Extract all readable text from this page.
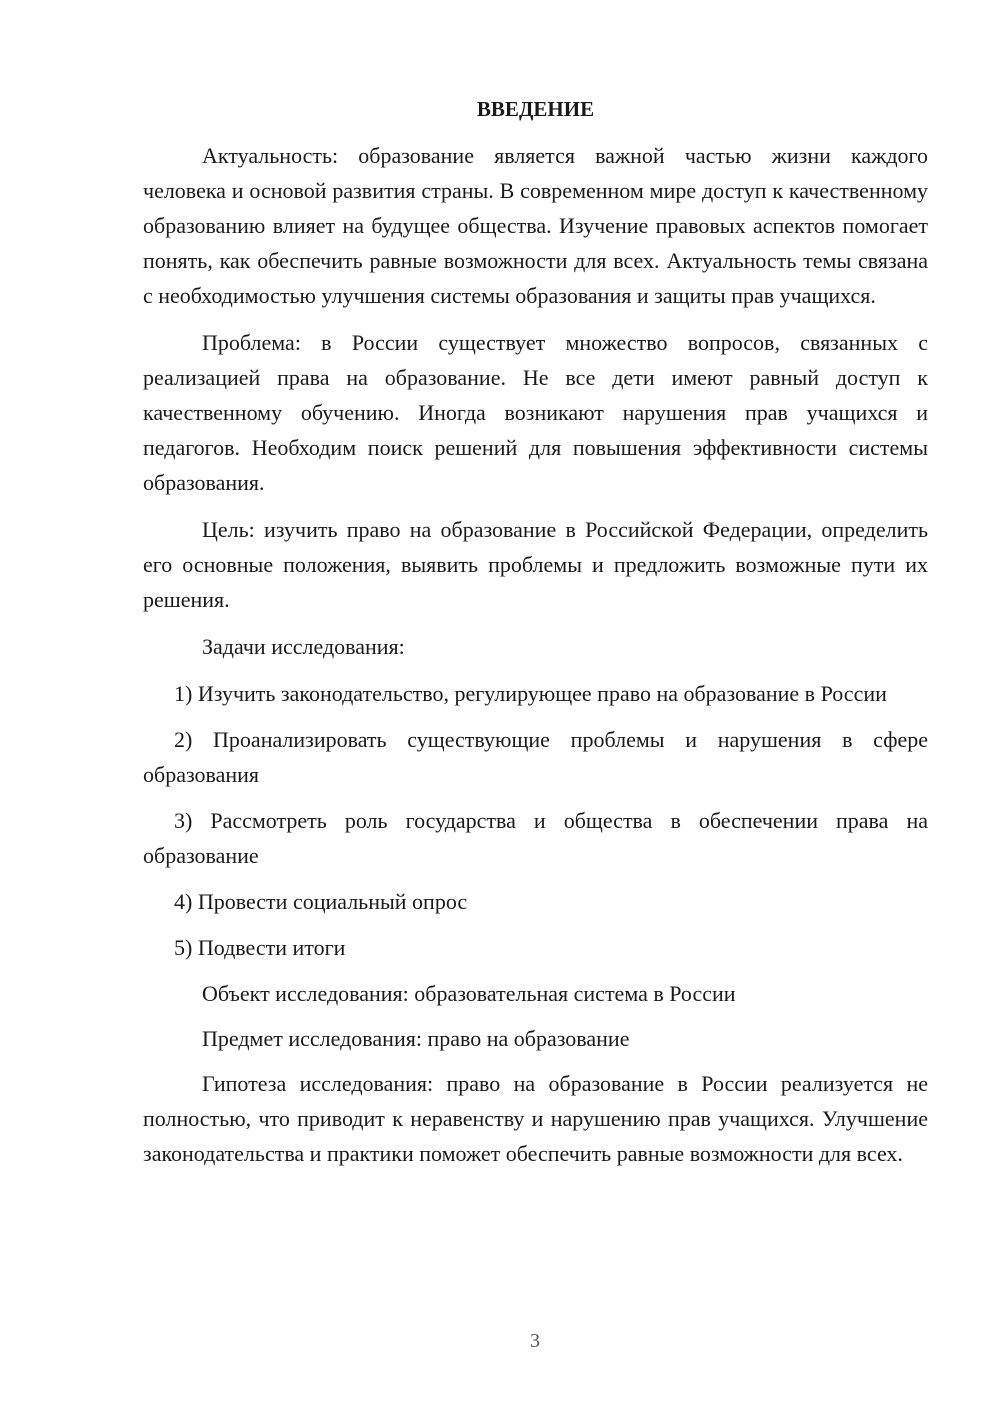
ВВЕДЕНИЕ

Актуальность: образование является важной частью жизни каждого человека и основой развития страны. В современном мире доступ к качественному образованию влияет на будущее общества. Изучение правовых аспектов помогает понять, как обеспечить равные возможности для всех. Актуальность темы связана с необходимостью улучшения системы образования и защиты прав учащихся.

Проблема: в России существует множество вопросов, связанных с реализацией права на образование. Не все дети имеют равный доступ к качественному обучению. Иногда возникают нарушения прав учащихся и педагогов. Необходим поиск решений для повышения эффективности системы образования.

Цель: изучить право на образование в Российской Федерации, определить его основные положения, выявить проблемы и предложить возможные пути их решения.

Задачи исследования:

1) Изучить законодательство, регулирующее право на образование в России

2) Проанализировать существующие проблемы и нарушения в сфере образования

3) Рассмотреть роль государства и общества в обеспечении права на образование

4) Провести социальный опрос

5) Подвести итоги

Объект исследования: образовательная система в России

Предмет исследования: право на образование

Гипотеза исследования: право на образование в России реализуется не полностью, что приводит к неравенству и нарушению прав учащихся. Улучшение законодательства и практики поможет обеспечить равные возможности для всех.

3
